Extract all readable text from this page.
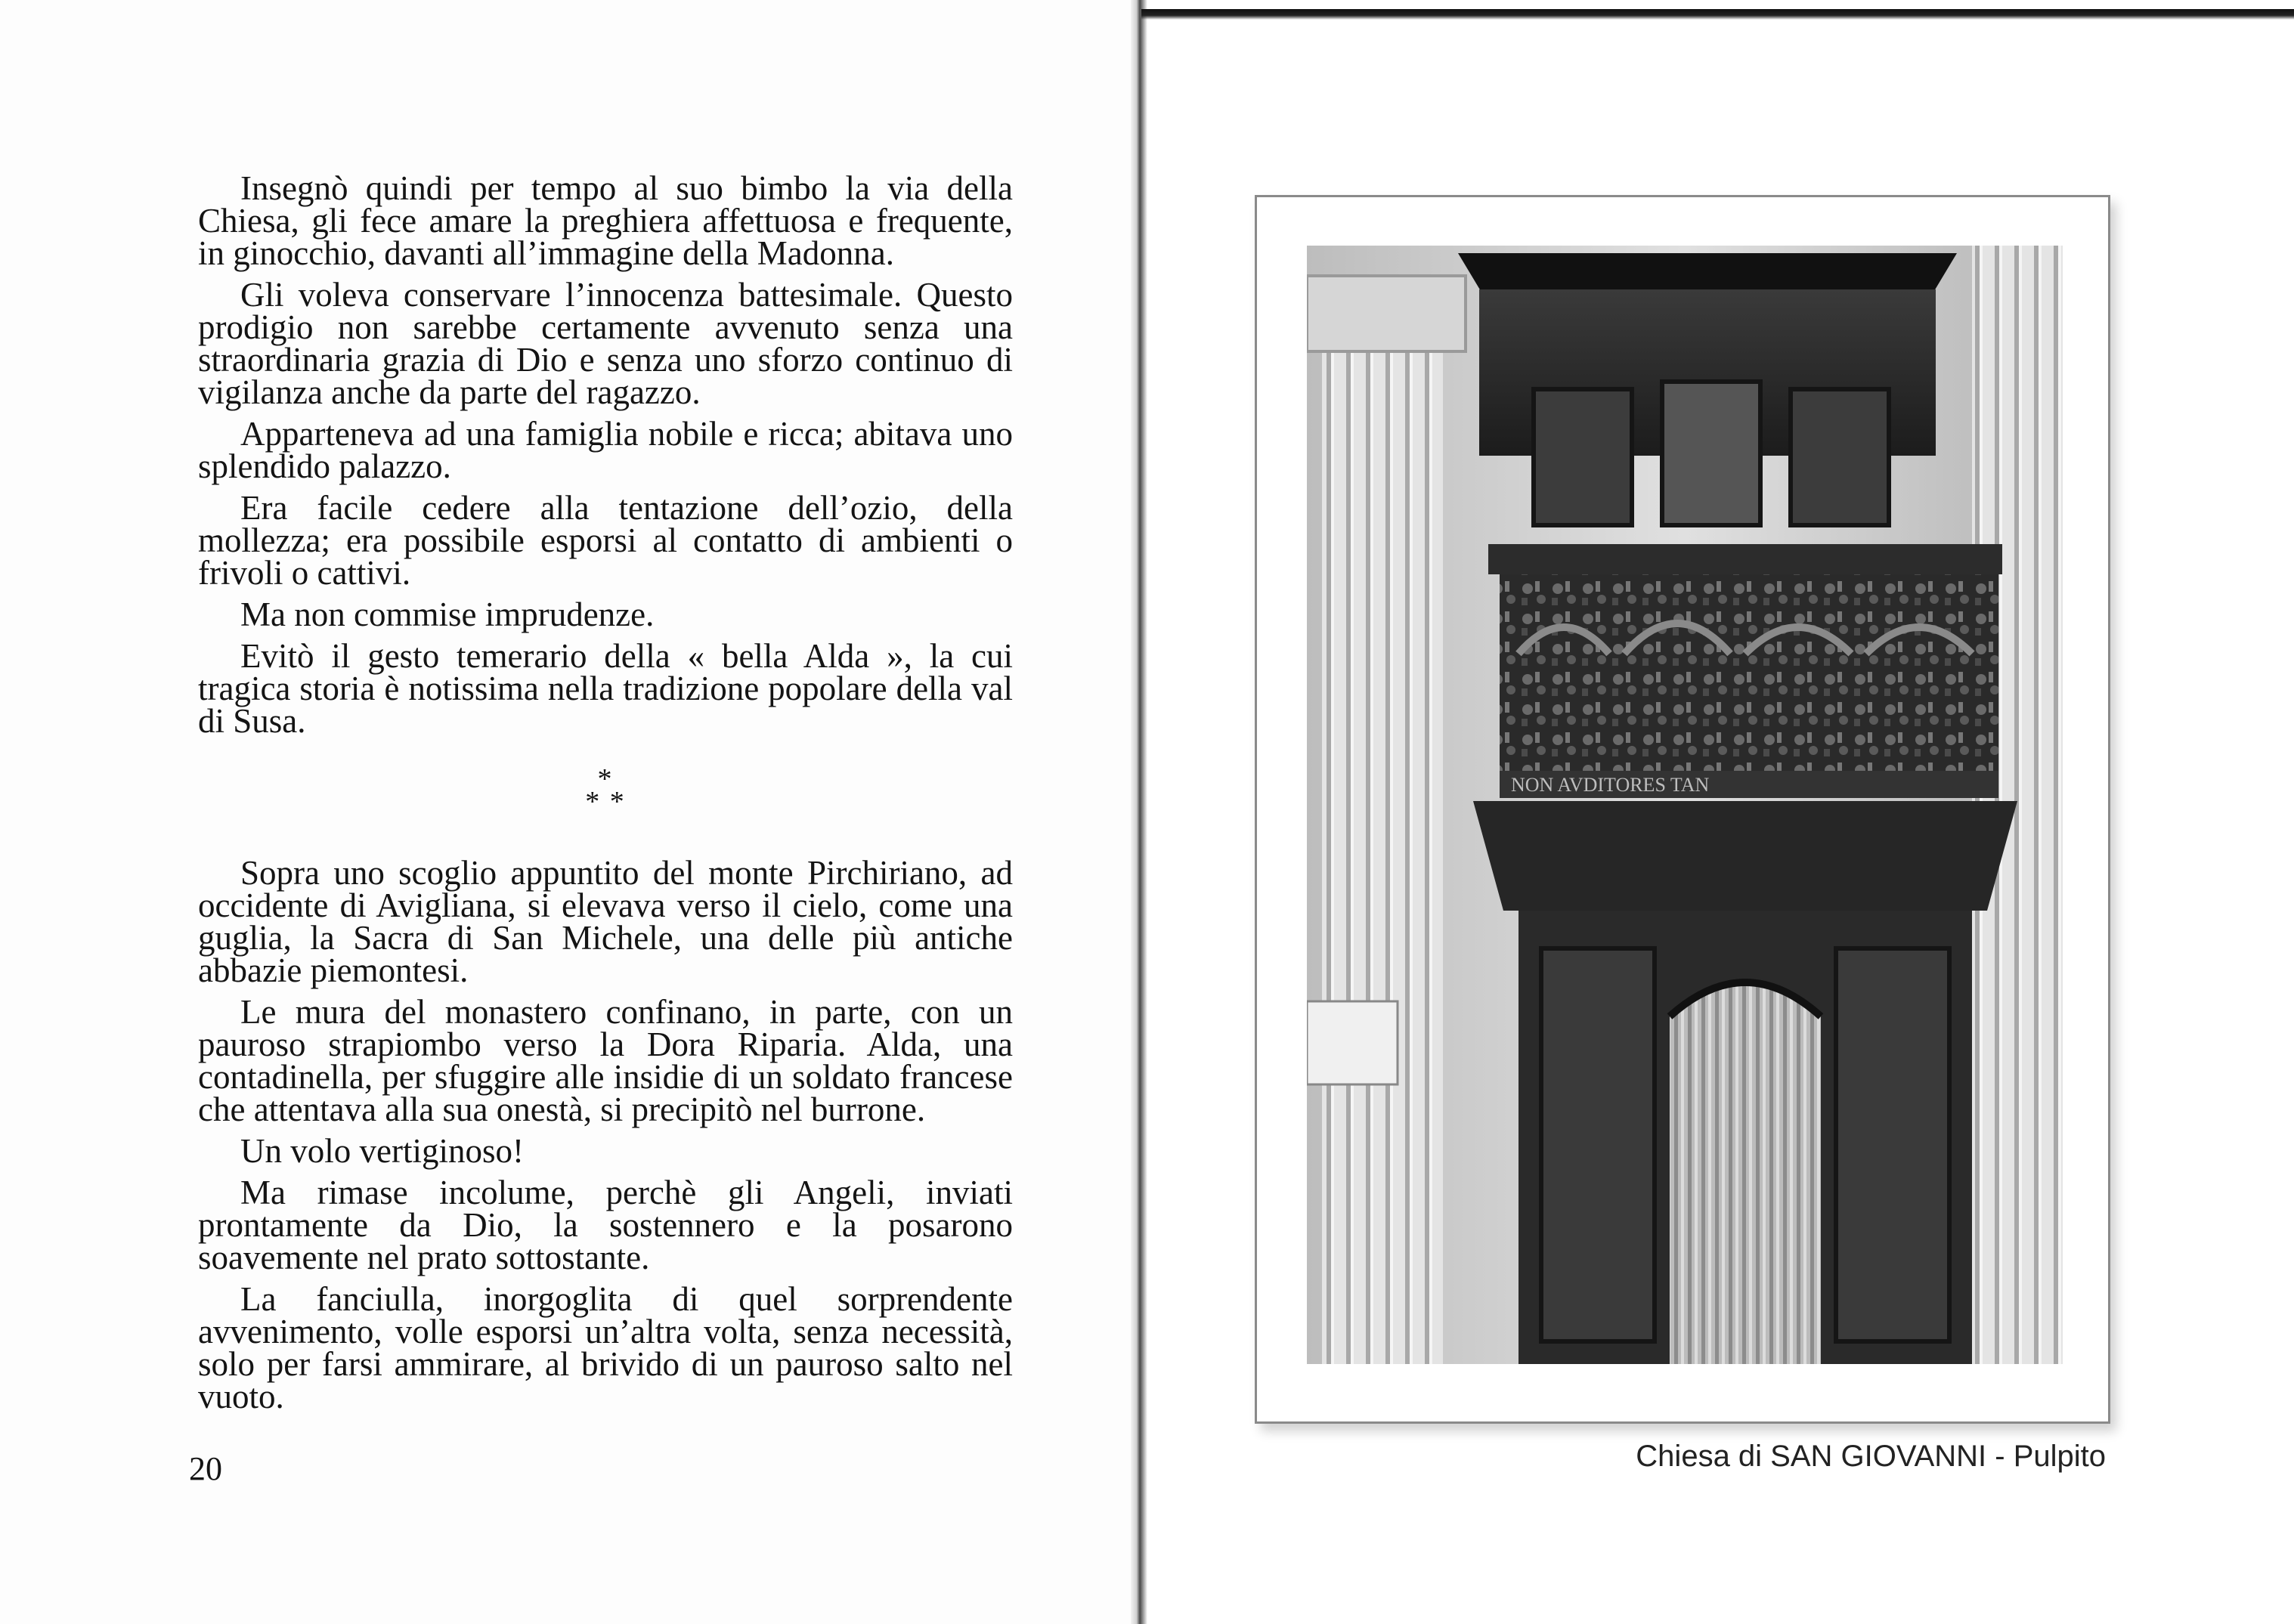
Insegnò quindi per tempo al suo bimbo la via della Chiesa, gli fece amare la preghiera affettuosa e frequente, in ginocchio, davanti all’immagine della Madonna.

Gli voleva conservare l’innocenza battesimale. Questo prodigio non sarebbe certamente avvenuto senza una straordinaria grazia di Dio e senza uno sforzo continuo di vigilanza anche da parte del ragazzo.

Apparteneva ad una famiglia nobile e ricca; abitava uno splendido palazzo.

Era facile cedere alla tentazione dell’ozio, della mollezza; era possibile esporsi al contatto di ambienti o frivoli o cattivi.

Ma non commise imprudenze.

Evitò il gesto temerario della « bella Alda », la cui tragica storia è notissima nella tradizione popolare della val di Susa.

*
* *

Sopra uno scoglio appuntito del monte Pirchiriano, ad occidente di Avigliana, si elevava verso il cielo, come una guglia, la Sacra di San Michele, una delle più antiche abbazie piemontesi.

Le mura del monastero confinano, in parte, con un pauroso strapiombo verso la Dora Riparia. Alda, una contadinella, per sfuggire alle insidie di un soldato francese che attentava alla sua onestà, si precipitò nel burrone.

Un volo vertiginoso!

Ma rimase incolume, perchè gli Angeli, inviati prontamente da Dio, la sostennero e la posarono soavemente nel prato sottostante.

La fanciulla, inorgoglita di quel sorprendente avvenimento, volle esporsi un’altra volta, senza necessità, solo per farsi ammirare, al brivido di un pauroso salto nel vuoto.

20
NON AVDITORES TAN
Chiesa di SAN GIOVANNI - Pulpito
